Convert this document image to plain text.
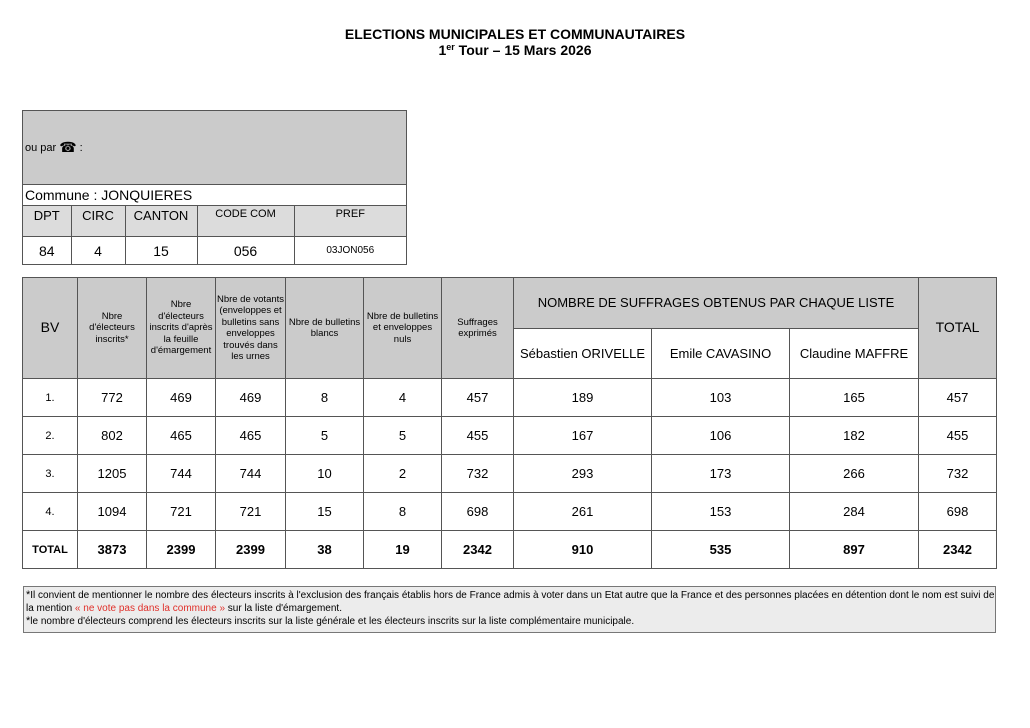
ELECTIONS MUNICIPALES ET COMMUNAUTAIRES
1er Tour – 15 Mars 2026
ou par ☎ :
Commune : JONQUIERES
DPT	CIRC	CANTON	CODE COM	PREF
84	4	15	056	03JON056
BV	Nbre d'électeurs inscrits*	Nbre d'électeurs inscrits d'après la feuille d'émargement	Nbre de votants (enveloppes et bulletins sans enveloppes trouvés dans les urnes	Nbre de bulletins blancs	Nbre de bulletins et enveloppes nuls	Suffrages exprimés	NOMBRE DE SUFFRAGES OBTENUS PAR CHAQUE LISTE			TOTAL
							Sébastien ORIVELLE	Emile CAVASINO	Claudine MAFFRE	
1.	772	469	469	8	4	457	189	103	165	457
2.	802	465	465	5	5	455	167	106	182	455
3.	1205	744	744	10	2	732	293	173	266	732
4.	1094	721	721	15	8	698	261	153	284	698
TOTAL	3873	2399	2399	38	19	2342	910	535	897	2342
*Il convient de mentionner le nombre des électeurs inscrits à l'exclusion des français établis hors de France admis à voter dans un Etat autre que la France et des personnes placées en détention dont le nom est suivi de la mention « ne vote pas dans la commune » sur la liste d'émargement.
*le nombre d'électeurs comprend les électeurs inscrits sur la liste générale et les électeurs inscrits sur la liste complémentaire municipale.
